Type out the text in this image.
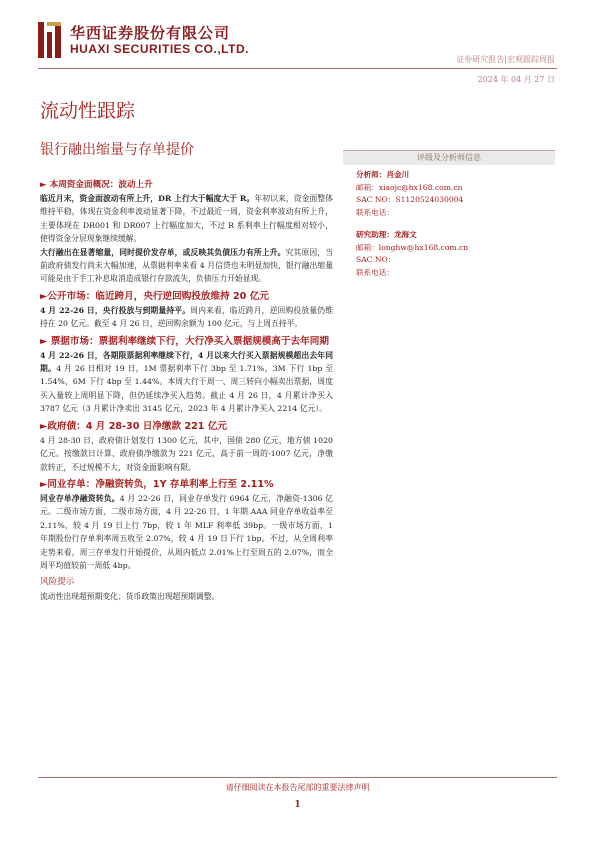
华西证券股份有限公司
HUAXI SECURITIES CO.,LTD.
证券研究报告|宏观跟踪周报
2024 年 04 月 27 日
流动性跟踪
银行融出缩量与存单提价
► 本周资金面概况：波动上升

临近月末，资金面波动有所上升，DR 上行大于幅度大于 R。年初以来，资金面整体维持平稳，体现在资金利率波动显著下降，不过最近一周，资金利率波动有所上升，主要体现在 DR001 和 DR007 上行幅度加大，不过 R 系利率上行幅度相对较小，使得资金分层现象继续缓解。

大行融出在显著缩量，同时提价发存单，或反映其负债压力有所上升。究其原因，当前政府债发行尚未大幅加速，从票据利率来看 4 月信贷也未明显加快，银行融出缩量可能是由于手工补息取消造成银行存款流失，负债压力开始显现。

►公开市场：临近跨月，央行逆回购投放维持 20 亿元

4 月 22-26 日，央行投放与到期量持平。周内来看，临近跨月，逆回购投放量仍维持在 20 亿元。截至 4 月 26 日，逆回购余额为 100 亿元，与上周五持平。

► 票据市场：票据利率继续下行，大行净买入票据规模高于去年同期

4 月 22-26 日，各期限票据利率继续下行，4 月以来大行买入票据规模超出去年同期。4 月 26 日相对 19 日，1M 票据利率下行 3bp 至 1.71%，3M 下行 1bp 至 1.54%，6M 下行 4bp 至 1.44%。本周大行于周一、周三转向小幅卖出票据，周度买入量较上周明显下降，但仍延续净买入趋势。截止 4 月 26 日，4 月累计净买入 3787 亿元（3 月累计净卖出 3145 亿元，2023 年 4 月累计净买入 2214 亿元）。

►政府债：4 月 28-30 日净缴款 221 亿元

4 月 28-30 日，政府债计划发行 1300 亿元，其中，国债 280 亿元，地方债 1020 亿元。按缴款日计算，政府债净缴款为 221 亿元，高于前一周的-1007 亿元，净缴款转正，不过规模不大，对资金面影响有限。

►同业存单：净融资转负，1Y 存单利率上行至 2.11%

同业存单净融资转负。4 月 22-26 日，同业存单发行 6964 亿元，净融资-1306 亿元。二级市场方面，二级市场方面，4 月 22-26 日，1 年期 AAA 同业存单收益率至 2.11%，较 4 月 19 日上行 7bp，较 1 年 MLF 利率低 39bp。一级市场方面，1 年期股份行存单利率周五收至 2.07%，较 4 月 19 日下行 1bp。不过，从全周利率走势来看，周三存单发行开始提价，从周内低点 2.01%上行至周五的 2.07%，而全周平均值较前一周低 4bp。

风险提示

流动性出现超预期变化；货币政策出现超预期调整。

评级及分析师信息
分析师：肖金川
邮箱：xiaojc@hx168.com.cn
SAC NO：S1120524030004
联系电话：
研究助理：龙海文
邮箱：longhw@hx168.com.cn
SAC NO：
联系电话：
请仔细阅读在本报告尾部的重要法律声明
1
